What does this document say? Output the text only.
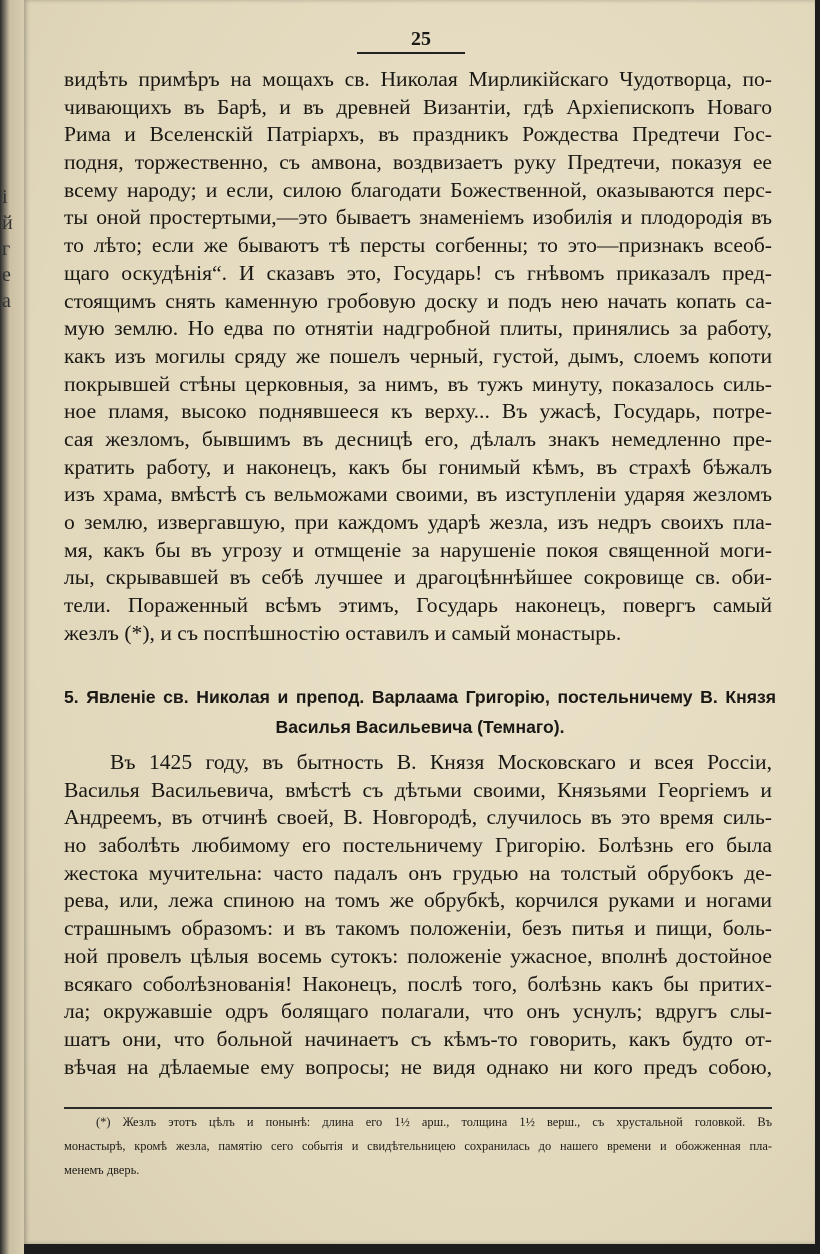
і
й
г
е
а
25
видѣть примѣръ на мощахъ св. Николая Мирликійскаго Чудотворца, по-
чивающихъ въ Барѣ, и въ древней Византіи, гдѣ Архіепископъ Новаго
Рима и Вселенскій Патріархъ, въ праздникъ Рождества Предтечи Гос-
подня, торжественно, съ амвона, воздвизаетъ руку Предтечи, показуя ее
всему народу; и если, силою благодати Божественной, оказываются перс-
ты оной простертыми,—это бываетъ знаменіемъ изобилія и плодородія въ
то лѣто; если же бываютъ тѣ персты согбенны; то это—признакъ всеоб-
щаго оскудѣнія“. И сказавъ это, Государь! съ гнѣвомъ приказалъ пред-
стоящимъ снять каменную гробовую доску и подъ нею начать копать са-
мую землю. Но едва по отнятіи надгробной плиты, принялись за работу,
какъ изъ могилы сряду же пошелъ черный, густой, дымъ, слоемъ копоти
покрывшей стѣны церковныя, за нимъ, въ тужъ минуту, показалось силь-
ное пламя, высоко поднявшееся къ верху... Въ ужасѣ, Государь, потре-
сая жезломъ, бывшимъ въ десницѣ его, дѣлалъ знакъ немедленно пре-
кратить работу, и наконецъ, какъ бы гонимый кѣмъ, въ страхѣ бѣжалъ
изъ храма, вмѣстѣ съ вельможами своими, въ изступленіи ударяя жезломъ
о землю, извергавшую, при каждомъ ударѣ жезла, изъ недръ своихъ пла-
мя, какъ бы въ угрозу и отмщеніе за нарушеніе покоя священной моги-
лы, скрывавшей въ себѣ лучшее и драгоцѣннѣйшее сокровище св. оби-
тели. Пораженный всѣмъ этимъ, Государь наконецъ, повергъ самый
жезлъ (*), и съ поспѣшностію оставилъ и самый монастырь.
5. Явленіе св. Николая и препод. Варлаама Григорію, постельничему В. Князя
Василья Васильевича (Темнаго).
Въ 1425 году, въ бытность В. Князя Московскаго и всея Россіи,
Василья Васильевича, вмѣстѣ съ дѣтьми своими, Князьями Георгіемъ и
Андреемъ, въ отчинѣ своей, В. Новгородѣ, случилось въ это время силь-
но заболѣть любимому его постельничему Григорію. Болѣзнь его была
жестока мучительна: часто падалъ онъ грудью на толстый обрубокъ де-
рева, или, лежа спиною на томъ же обрубкѣ, корчился руками и ногами
страшнымъ образомъ: и въ такомъ положеніи, безъ питья и пищи, боль-
ной провелъ цѣлыя восемь сутокъ: положеніе ужасное, вполнѣ достойное
всякаго соболѣзнованія! Наконецъ, послѣ того, болѣзнь какъ бы притих-
ла; окружавшіе одръ болящаго полагали, что онъ уснулъ; вдругъ слы-
шатъ они, что больной начинаетъ съ кѣмъ-то говорить, какъ будто от-
вѣчая на дѣлаемые ему вопросы; не видя однако ни кого предъ собою,
(*) Жезлъ этотъ цѣлъ и понынѣ: длина его 1½ арш., толщина 1½ верш., съ хрустальной головкой. Въ
монастырѣ, кромѣ жезла, памятію сего событія и свидѣтельницею сохранилась до нашего времени и обожженная пла-
менемъ дверь.
